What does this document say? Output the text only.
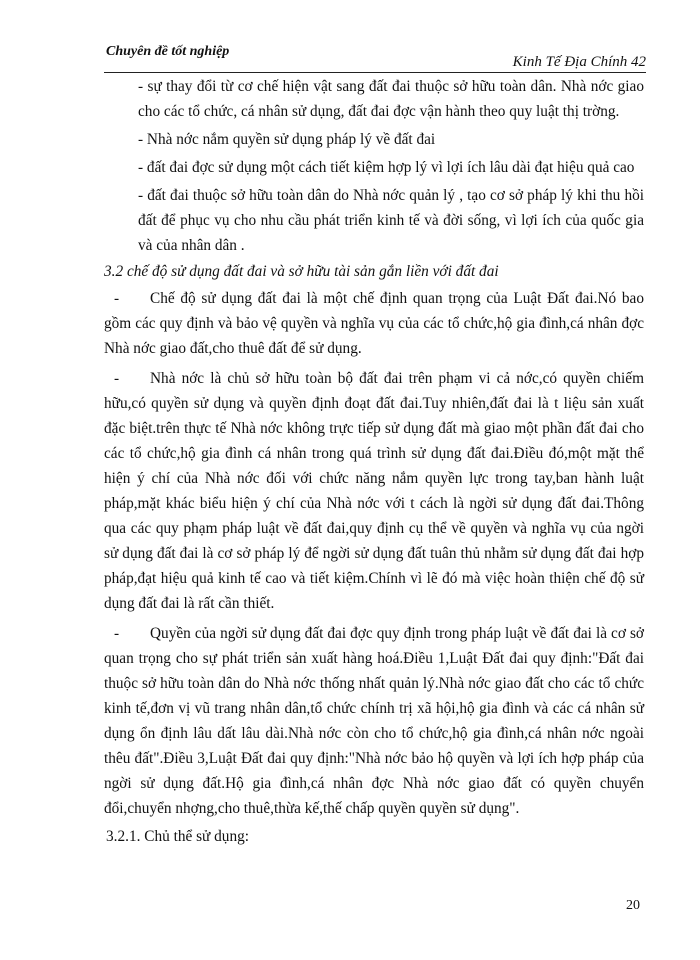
Chuyên đề tốt nghiệp
Kinh Tế Địa Chính 42

- sự thay đổi từ cơ chế hiện vật sang đất đai thuộc sở hữu toàn dân. Nhà nớc giao cho các tổ chức, cá nhân sử dụng, đất đai đợc vận hành theo quy luật thị trờng.

- Nhà nớc nắm quyền sử dụng pháp lý về đất đai

- đất đai đợc sử dụng một cách tiết kiệm hợp lý vì lợi ích lâu dài đạt hiệu quả cao

- đất đai thuộc sở hữu toàn dân do Nhà nớc quản lý , tạo cơ sở pháp lý khi thu hồi đất để phục vụ cho nhu cầu phát triển kinh tế và đời sống, vì lợi ích của quốc gia và của nhân dân .

3.2 chế độ sử dụng đất đai và sở hữu tài sản gắn liền với đất đai

-	Chế độ sử dụng đất đai là một chế định quan trọng của Luật Đất đai.Nó bao gồm các quy định và bảo vệ quyền và nghĩa vụ của các tổ chức,hộ gia đình,cá nhân đợc Nhà nớc giao đất,cho thuê đất để sử dụng.

-	Nhà nớc là chủ sở hữu toàn bộ đất đai trên phạm vi cả nớc,có quyền chiếm hữu,có quyền sử dụng và quyền định đoạt đất đai.Tuy nhiên,đất đai là t liệu sản xuất đặc biệt.trên thực tế Nhà nớc không trực tiếp sử dụng đất mà giao một phần đất đai cho các tổ chức,hộ gia đình cá nhân trong quá trình sử dụng đất đai.Điều đó,một mặt thể hiện ý chí của Nhà nớc đối với chức năng nắm quyền lực trong tay,ban hành luật pháp,mặt khác biểu hiện ý chí của Nhà nớc với t cách là ngời sử dụng đất đai.Thông qua các quy phạm pháp luật về đất đai,quy định cụ thể về quyền và nghĩa vụ của ngời sử dụng đất đai là cơ sở pháp lý để ngời sử dụng đất tuân thủ nhằm sử dụng đất đai hợp pháp,đạt hiệu quả kinh tế cao và tiết kiệm.Chính vì lẽ đó mà việc hoàn thiện chế độ sử dụng đất đai là rất cần thiết.

-	Quyền của ngời sử dụng đất đai đợc quy định trong pháp luật về đất đai là cơ sở quan trọng cho sự phát triển sản xuất hàng hoá.Điều 1,Luật Đất đai quy định:"Đất đai thuộc sở hữu toàn dân do Nhà nớc thống nhất quản lý.Nhà nớc giao đất cho các tổ chức kinh tế,đơn vị vũ trang nhân dân,tổ chức chính trị xã hội,hộ gia đình và các cá nhân sử dụng ổn định lâu dất lâu dài.Nhà nớc còn cho tổ chức,hộ gia đình,cá nhân nớc ngoài thêu đất".Điều 3,Luật Đất đai quy định:"Nhà nớc bảo hộ quyền và lợi ích hợp pháp của ngời sử dụng đất.Hộ gia đình,cá nhân đợc Nhà nớc giao đất có quyền chuyển đổi,chuyển nhợng,cho thuê,thừa kế,thế chấp quyền quyền sử dụng".

3.2.1. Chủ thể sử dụng:

20
